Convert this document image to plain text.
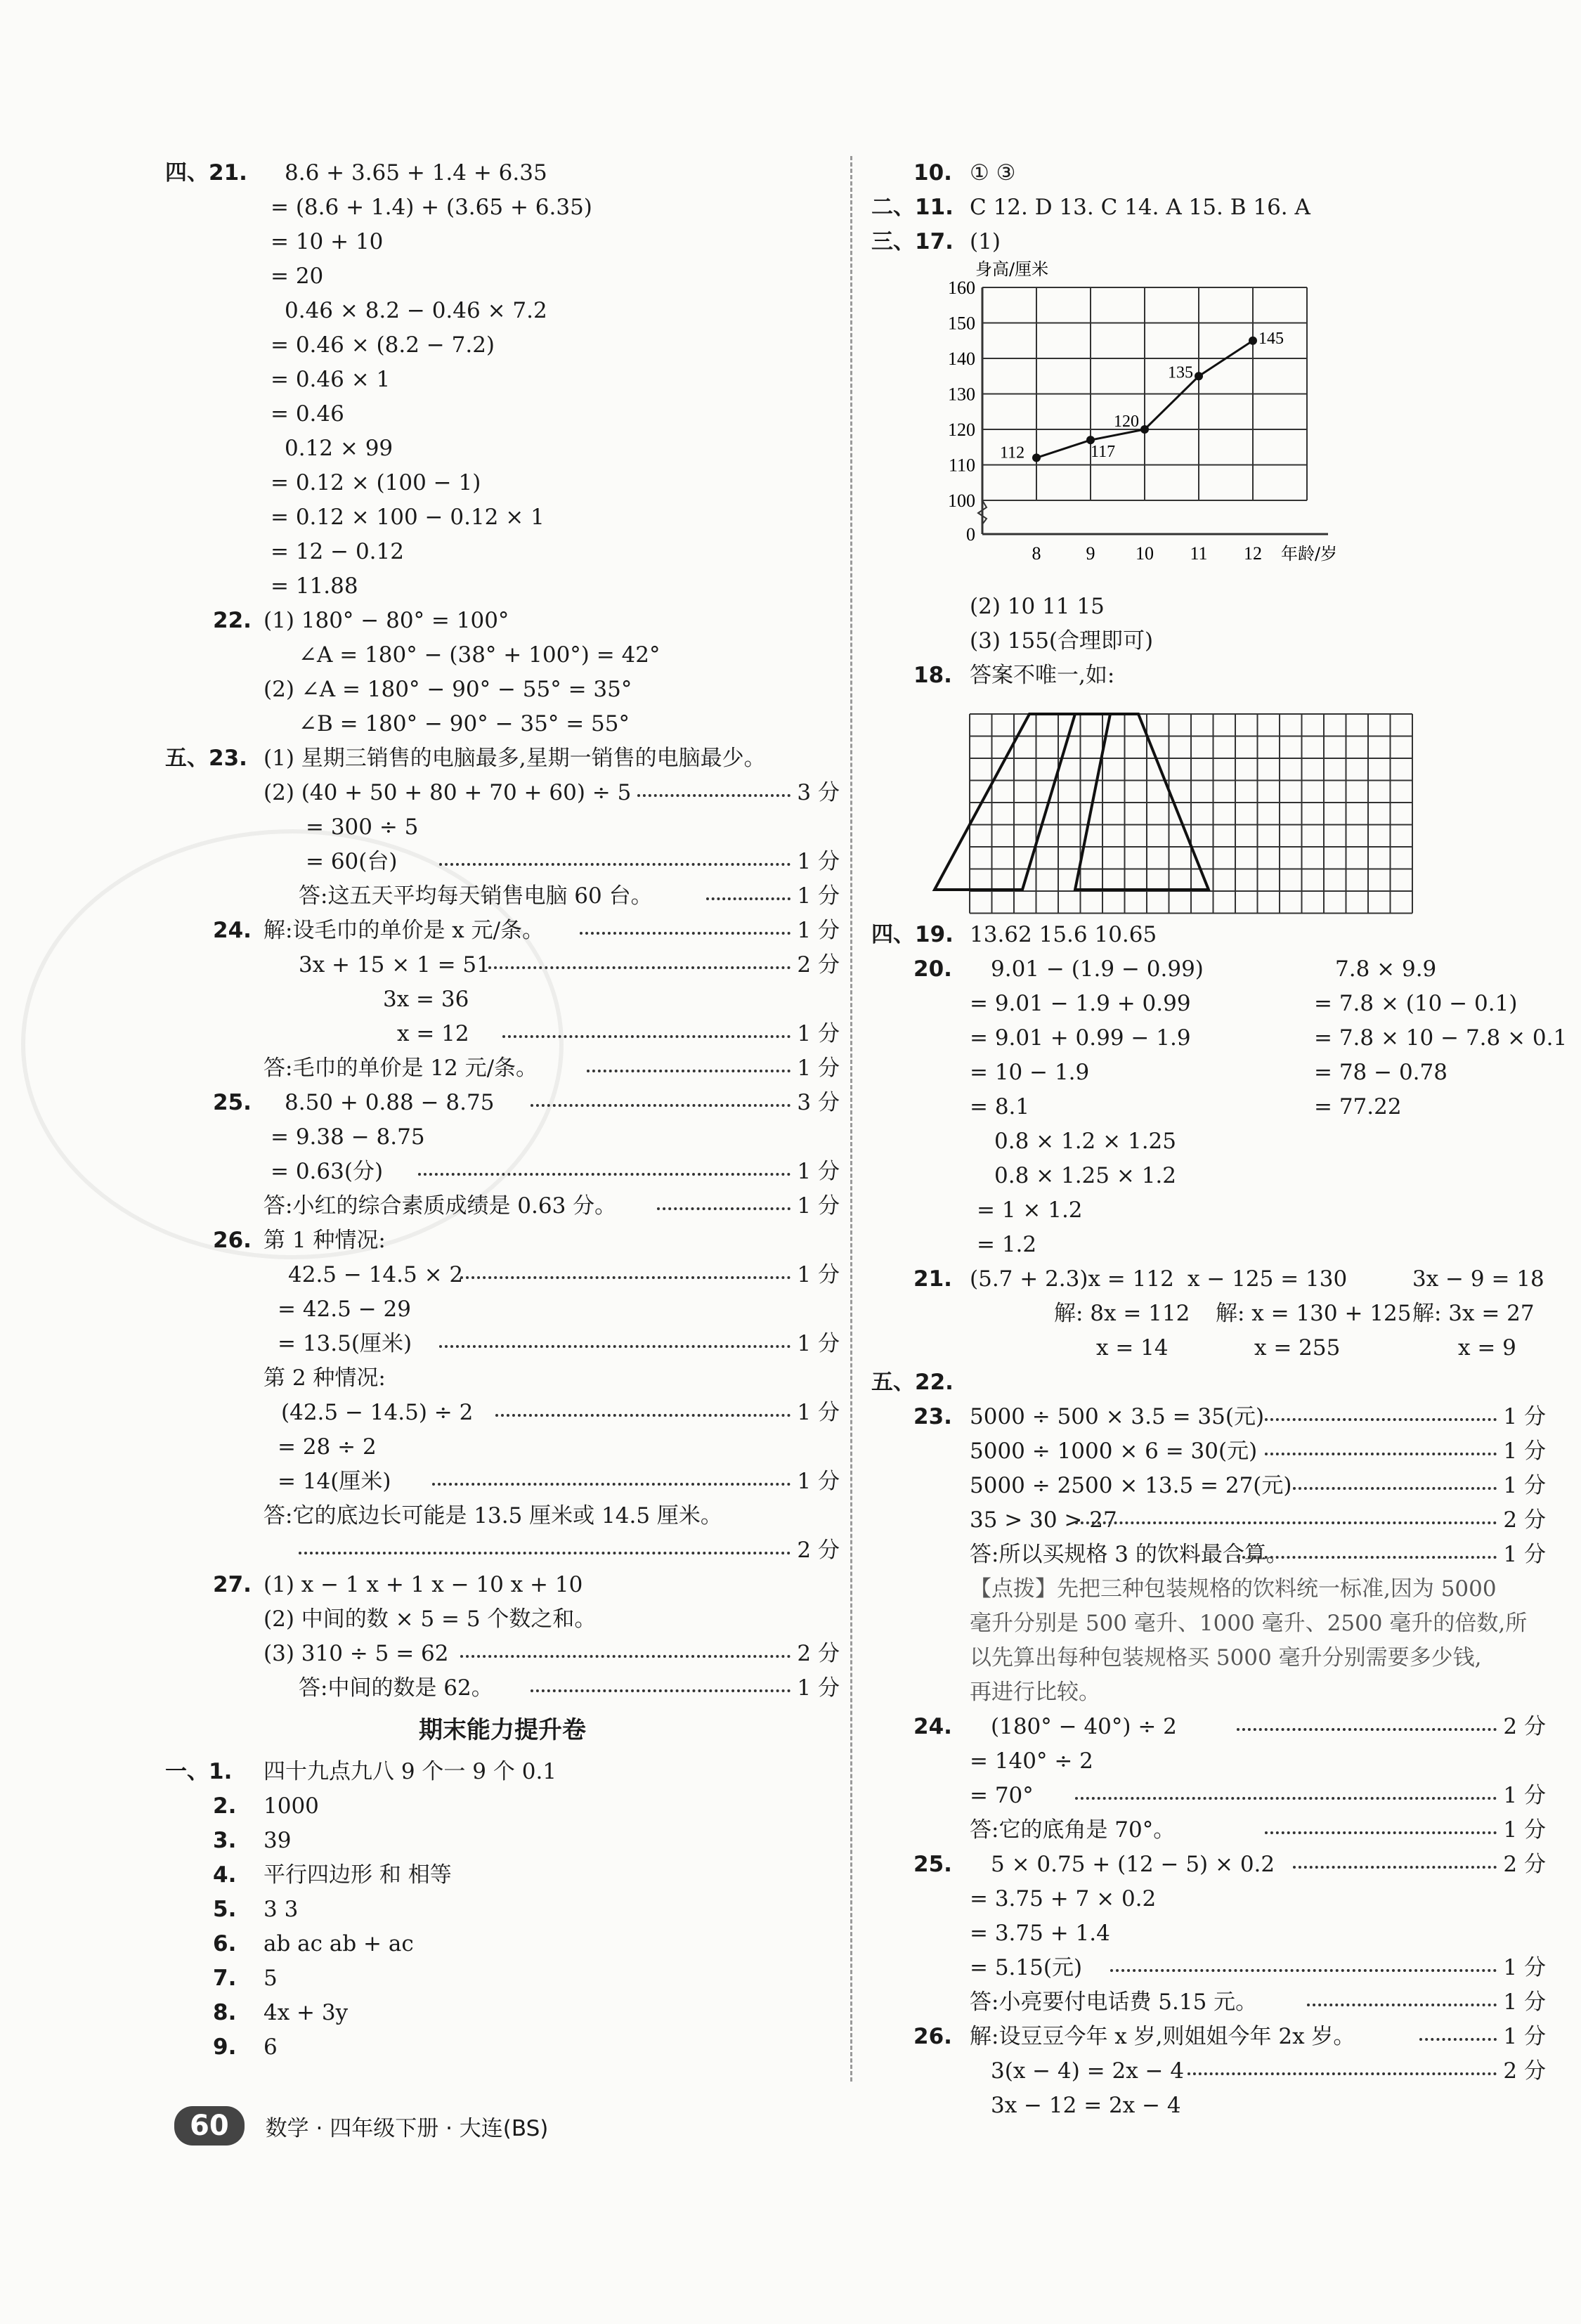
四、21. 8.6 + 3.65 + 1.4 + 6.35
= (8.6 + 1.4) + (3.65 + 6.35)
= 10 + 10
= 20
0.46 × 8.2 − 0.46 × 7.2
= 0.46 × (8.2 − 7.2)
= 0.46 × 1
= 0.46
0.12 × 99
= 0.12 × (100 − 1)
= 0.12 × 100 − 0.12 × 1
= 12 − 0.12
= 11.88
22. (1) 180° − 80° = 100°
∠A = 180° − (38° + 100°) = 42°
(2) ∠A = 180° − 90° − 55° = 35°
∠B = 180° − 90° − 35° = 55°
五、23. (1) 星期三销售的电脑最多,星期一销售的电脑最少。
(2) (40 + 50 + 80 + 70 + 60) ÷ 5	3 分
= 300 ÷ 5
= 60(台)	1 分
答:这五天平均每天销售电脑 60 台。	1 分
24. 解:设毛巾的单价是 x 元/条。	1 分
3x + 15 × 1 = 51	2 分
3x = 36
x = 12	1 分
答:毛巾的单价是 12 元/条。	1 分
25. 8.50 + 0.88 − 8.75	3 分
= 9.38 − 8.75
= 0.63(分)	1 分
答:小红的综合素质成绩是 0.63 分。	1 分
26. 第 1 种情况:
42.5 − 14.5 × 2	1 分
= 42.5 − 29
= 13.5(厘米)	1 分
第 2 种情况:
(42.5 − 14.5) ÷ 2	1 分
= 28 ÷ 2
= 14(厘米)	1 分
答:它的底边长可能是 13.5 厘米或 14.5 厘米。
2 分
27. (1) x − 1 x + 1 x − 10 x + 10
(2) 中间的数 × 5 = 5 个数之和。
(3) 310 ÷ 5 = 62	2 分
答:中间的数是 62。	1 分
期末能力提升卷
一、1. 四十九点九八 9 个一 9 个 0.1
2. 1000
3. 39
4. 平行四边形 和 相等
5. 3 3
6. ab ac ab + ac
7. 5
8. 4x + 3y
9. 6
10. ① ③
二、11. C 12. D 13. C 14. A 15. B 16. A
三、17. (1)
100
110
120
130
140
150
160
0
8 9 10 11 12
身高/厘米
年龄/岁
112	117
120
135
145
(2) 10 11 15
(3) 155(合理即可)
18. 答案不唯一,如:
四、19. 13.62 15.6 10.65
20. 9.01 − (1.9 − 0.99)	7.8 × 9.9
= 9.01 − 1.9 + 0.99	= 7.8 × (10 − 0.1)
= 9.01 + 0.99 − 1.9	= 7.8 × 10 − 7.8 × 0.1
= 10 − 1.9	= 78 − 0.78
= 8.1	= 77.22
0.8 × 1.2 × 1.25
0.8 × 1.25 × 1.2
= 1 × 1.2
= 1.2
21. (5.7 + 2.3)x = 112 x − 125 = 130	3x − 9 = 18
解: 8x = 112 解: x = 130 + 125 解: 3x = 27
x = 14	x = 255	x = 9
五、22.
23. 5000 ÷ 500 × 3.5 = 35(元)	1 分
5000 ÷ 1000 × 6 = 30(元)	1 分
5000 ÷ 2500 × 13.5 = 27(元)	1 分
35 > 30 > 27	2 分
答:所以买规格 3 的饮料最合算。	1 分
【点拨】先把三种包装规格的饮料统一标准,因为 5000
毫升分别是 500 毫升、1000 毫升、2500 毫升的倍数,所
以先算出每种包装规格买 5000 毫升分别需要多少钱,
再进行比较。
24. (180° − 40°) ÷ 2	2 分
= 140° ÷ 2
= 70°	1 分
答:它的底角是 70°。	1 分
25. 5 × 0.75 + (12 − 5) × 0.2	2 分
= 3.75 + 7 × 0.2
= 3.75 + 1.4
= 5.15(元)	1 分
答:小亮要付电话费 5.15 元。	1 分
26. 解:设豆豆今年 x 岁,则姐姐今年 2x 岁。	1 分
3(x − 4) = 2x − 4	2 分
3x − 12 = 2x − 4
60	数学 · 四年级下册 · 大连(BS)
